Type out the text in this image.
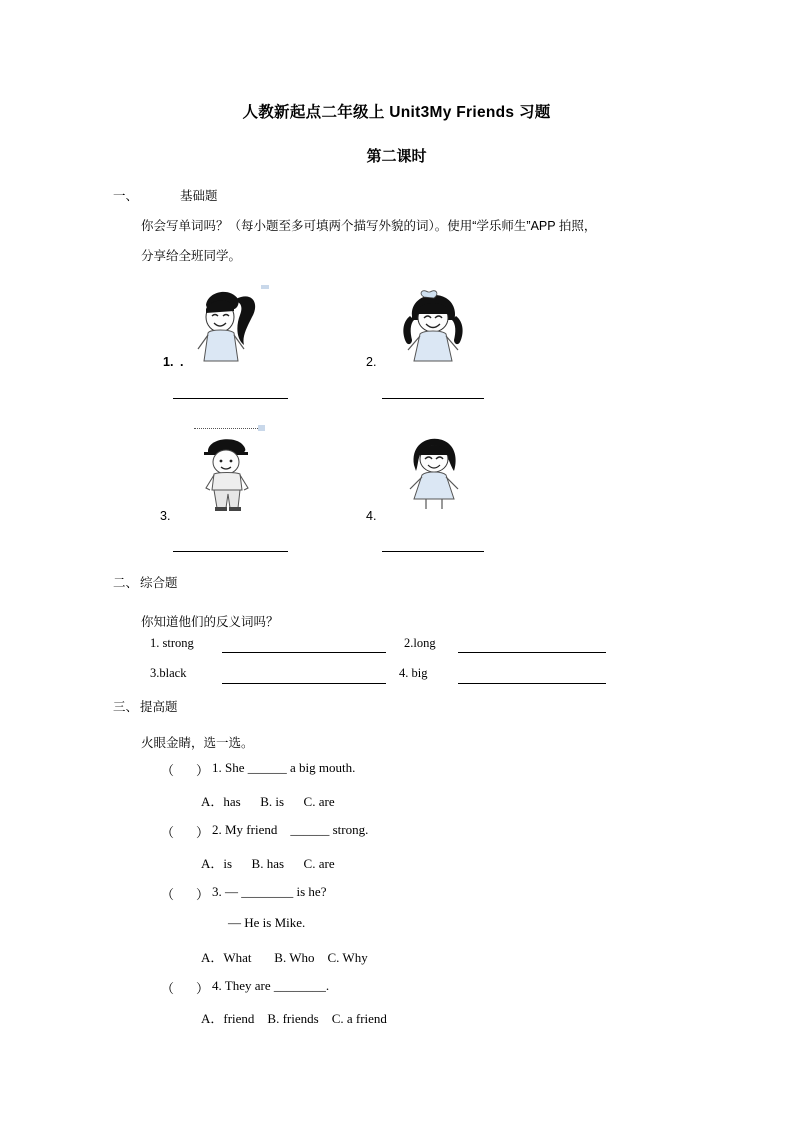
人教新起点二年级上 Unit3My Friends 习题
第二课时
一、	基础题
你会写单词吗？（每小题至多可填两个描写外貌的词）。使用“学乐师生”APP 拍照，
分享给全班同学。
1. .	2.
3.	4.
二、 综合题
你知道他们的反义词吗？
1. strong	2.long
3.black	4. big
三、 提高题
火眼金睛，选一选。
（ ） 1. She ______ a big mouth.
A．has      B. is      C. are
（ ） 2. My friend    ______ strong.
A．is      B. has      C. are
（ ） 3. — ________ is he?
— He is Mike.
A．What       B. Who    C. Why
（ ） 4. They are ________.
A．friend    B. friends    C. a friend
